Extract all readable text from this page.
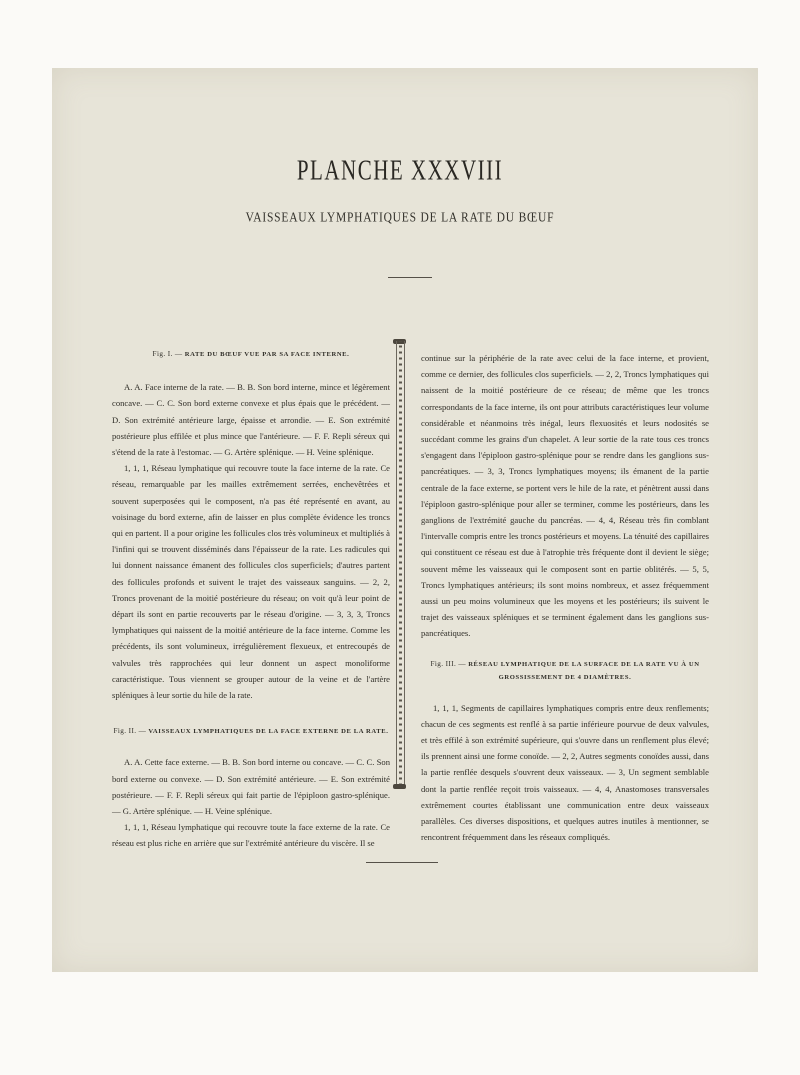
PLANCHE XXXVIII
VAISSEAUX LYMPHATIQUES DE LA RATE DU BŒUF

Fig. I. — RATE DU BŒUF VUE PAR SA FACE INTERNE.

A. A. Face interne de la rate. — B. B. Son bord interne, mince et légèrement concave. — C. C. Son bord externe convexe et plus épais que le précédent. — D. Son extrémité antérieure large, épaisse et arrondie. — E. Son extrémité postérieure plus effilée et plus mince que l'antérieure. — F. F. Repli séreux qui s'étend de la rate à l'estomac. — G. Artère splénique. — H. Veine splénique.

1, 1, 1, Réseau lymphatique qui recouvre toute la face interne de la rate. Ce réseau, remarquable par les mailles extrêmement serrées, enchevêtrées et souvent superposées qui le composent, n'a pas été représenté en avant, au voisinage du bord externe, afin de laisser en plus complète évidence les troncs qui en partent. Il a pour origine les follicules clos très volumineux et multipliés à l'infini qui se trouvent disséminés dans l'épaisseur de la rate. Les radicules qui lui donnent naissance émanent des follicules clos superficiels; d'autres partent des follicules profonds et suivent le trajet des vaisseaux sanguins. — 2, 2, Troncs provenant de la moitié postérieure du réseau; on voit qu'à leur point de départ ils sont en partie recouverts par le réseau d'origine. — 3, 3, 3, Troncs lymphatiques qui naissent de la moitié antérieure de la face interne. Comme les précédents, ils sont volumineux, irrégulièrement flexueux, et entrecoupés de valvules très rapprochées qui leur donnent un aspect monoliforme caractéristique. Tous viennent se grouper autour de la veine et de l'artère spléniques à leur sortie du hile de la rate.

Fig. II. — VAISSEAUX LYMPHATIQUES DE LA FACE EXTERNE DE LA RATE.

A. A. Cette face externe. — B. B. Son bord interne ou concave. — C. C. Son bord externe ou convexe. — D. Son extrémité antérieure. — E. Son extrémité postérieure. — F. F. Repli séreux qui fait partie de l'épiploon gastro-splénique. — G. Artère splénique. — H. Veine splénique.

1, 1, 1, Réseau lymphatique qui recouvre toute la face externe de la rate. Ce réseau est plus riche en arrière que sur l'extrémité antérieure du viscère. Il se

continue sur la périphérie de la rate avec celui de la face interne, et provient, comme ce dernier, des follicules clos superficiels. — 2, 2, Troncs lymphatiques qui naissent de la moitié postérieure de ce réseau; de même que les troncs correspondants de la face interne, ils ont pour attributs caractéristiques leur volume considérable et néanmoins très inégal, leurs flexuosités et leurs nodosités se succédant comme les grains d'un chapelet. A leur sortie de la rate tous ces troncs s'engagent dans l'épiploon gastro-splénique pour se rendre dans les ganglions sus-pancréatiques. — 3, 3, Troncs lymphatiques moyens; ils émanent de la partie centrale de la face externe, se portent vers le hile de la rate, et pénètrent aussi dans l'épiploon gastro-splénique pour aller se terminer, comme les postérieurs, dans les ganglions de l'extrémité gauche du pancréas. — 4, 4, Réseau très fin comblant l'intervalle compris entre les troncs postérieurs et moyens. La ténuité des capillaires qui constituent ce réseau est due à l'atrophie très fréquente dont il devient le siège; souvent même les vaisseaux qui le composent sont en partie oblitérés. — 5, 5, Troncs lymphatiques antérieurs; ils sont moins nombreux, et assez fréquemment aussi un peu moins volumineux que les moyens et les postérieurs; ils suivent le trajet des vaisseaux spléniques et se terminent également dans les ganglions sus-pancréatiques.

Fig. III. — RÉSEAU LYMPHATIQUE DE LA SURFACE DE LA RATE VU À UN GROSSISSEMENT DE 4 DIAMÈTRES.

1, 1, 1, Segments de capillaires lymphatiques compris entre deux renflements; chacun de ces segments est renflé à sa partie inférieure pourvue de deux valvules, et très effilé à son extrémité supérieure, qui s'ouvre dans un renflement plus élevé; ils prennent ainsi une forme conoïde. — 2, 2, Autres segments conoïdes aussi, dans la partie renflée desquels s'ouvrent deux vaisseaux. — 3, Un segment semblable dont la partie renflée reçoit trois vaisseaux. — 4, 4, Anastomoses transversales extrêmement courtes établissant une communication entre deux vaisseaux parallèles. Ces diverses dispositions, et quelques autres inutiles à mentionner, se rencontrent fréquemment dans les réseaux compliqués.
